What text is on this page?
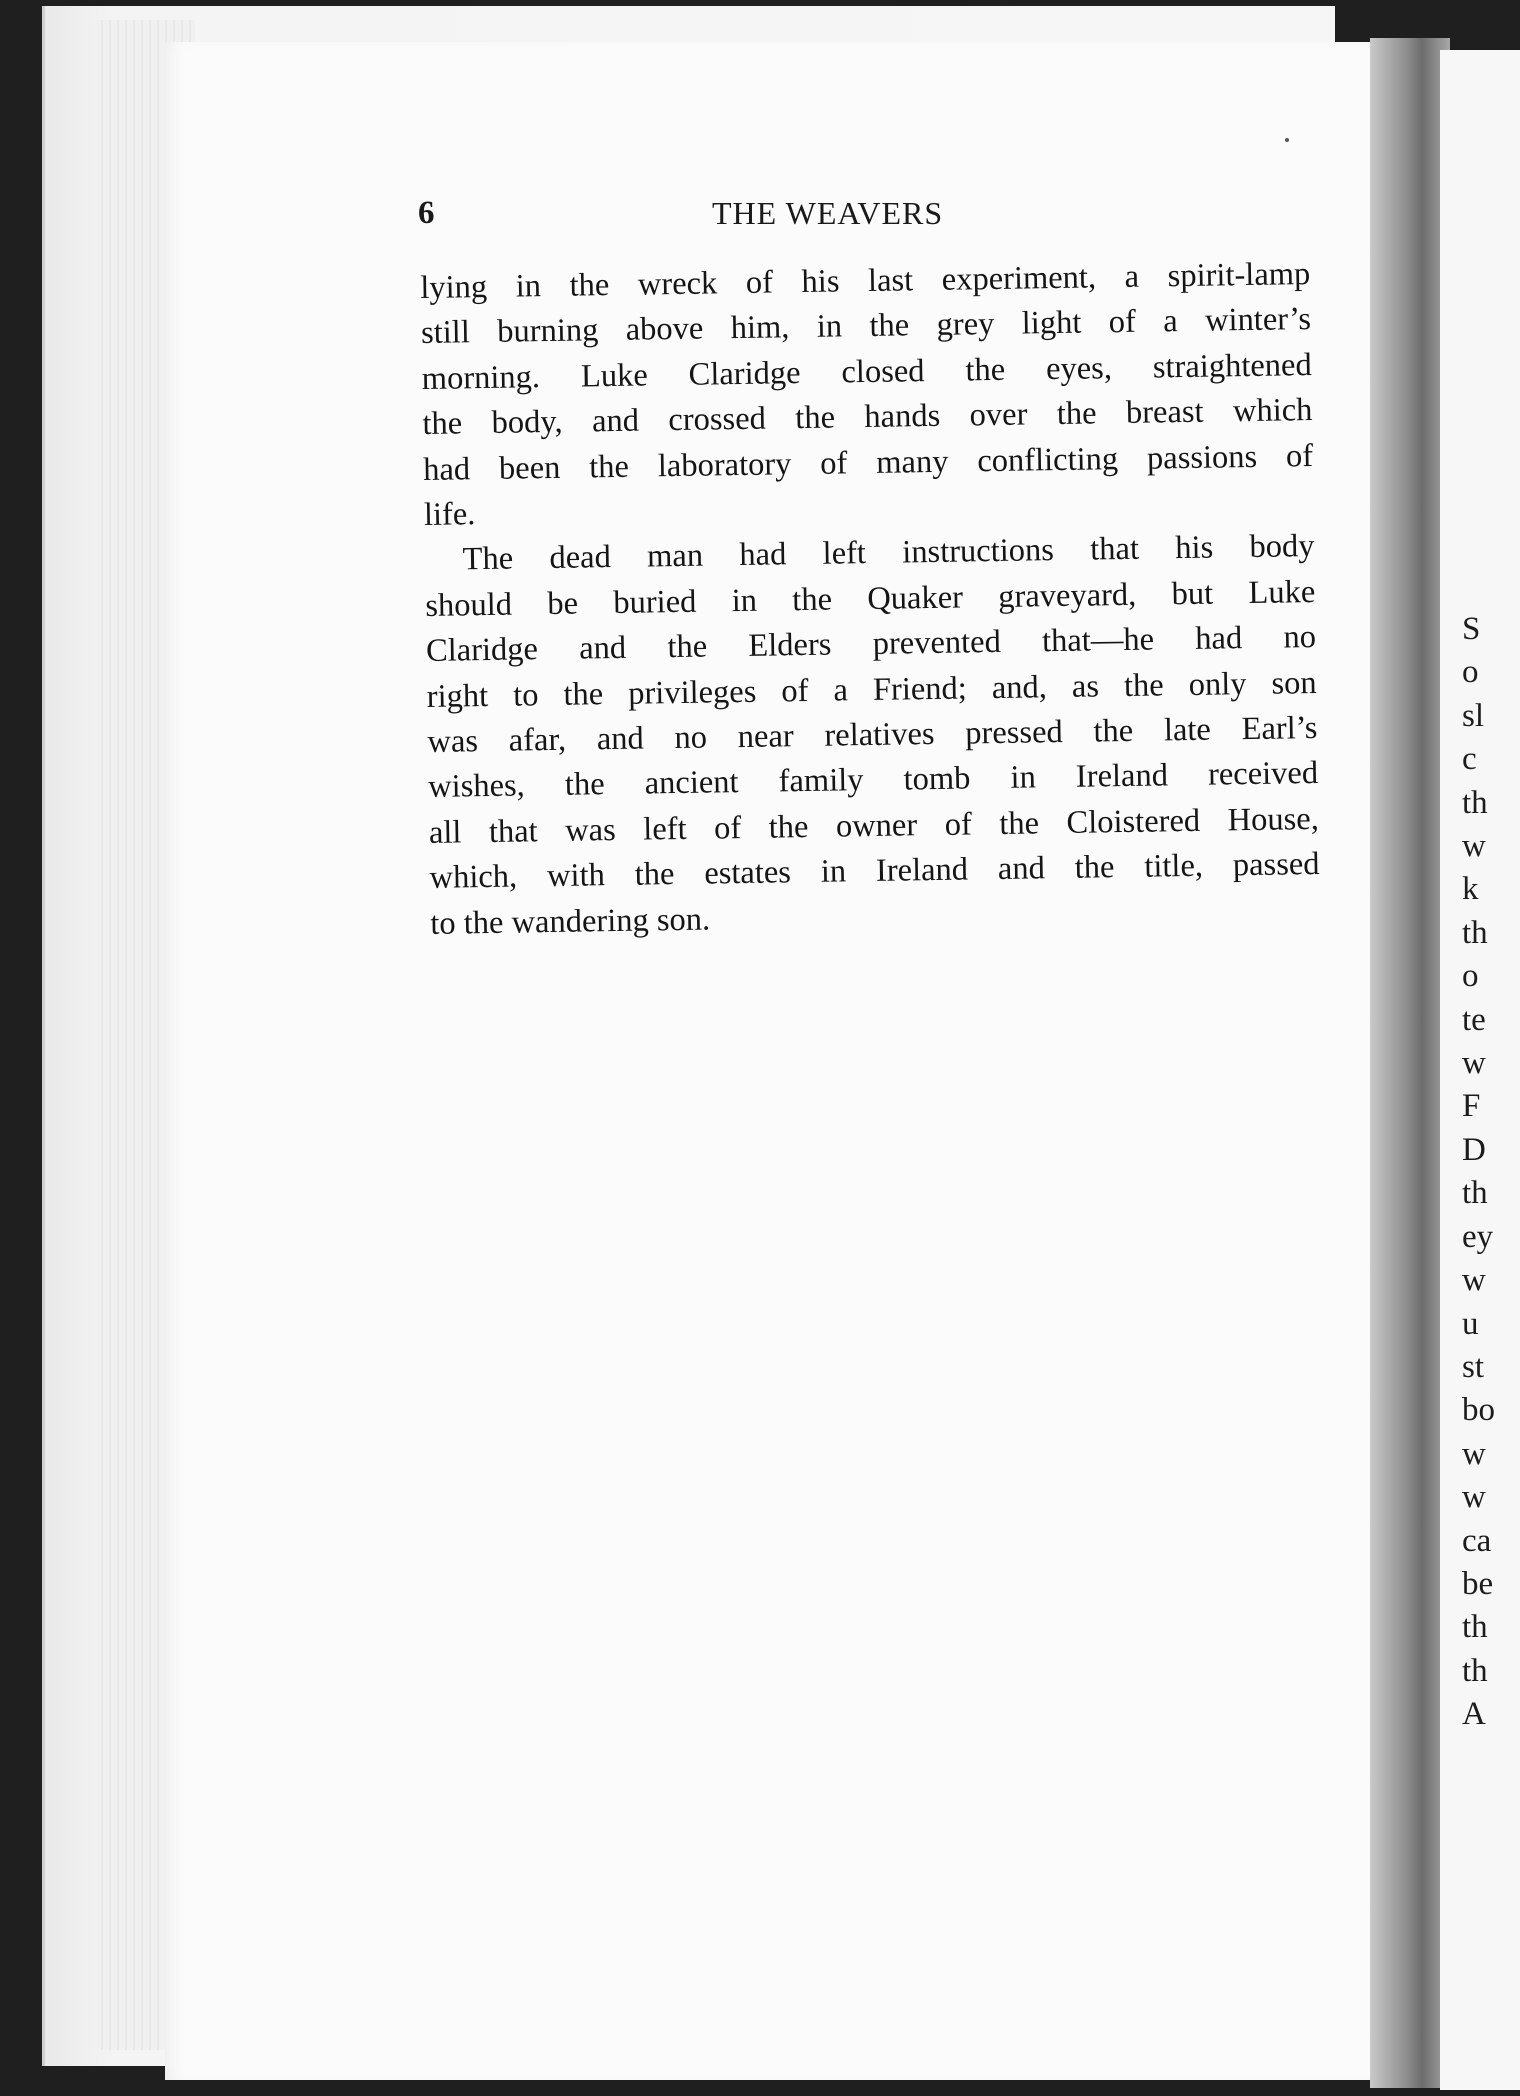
S
o
sl
c
th
w
k
th
o
te
w
F
D
th
ey
w
u
st
bo
w
w
ca
be
th
th
A
6	THE WEAVERS
lying in the wreck of his last experiment, a spirit-lamp
still burning above him, in the grey light of a winter’s
morning. Luke Claridge closed the eyes, straightened
the body, and crossed the hands over the breast which
had been the laboratory of many conflicting passions of
life.
The dead man had left instructions that his body
should be buried in the Quaker graveyard, but Luke
Claridge and the Elders prevented that—he had no
right to the privileges of a Friend; and, as the only son
was afar, and no near relatives pressed the late Earl’s
wishes, the ancient family tomb in Ireland received
all that was left of the owner of the Cloistered House,
which, with the estates in Ireland and the title, passed
to the wandering son.
